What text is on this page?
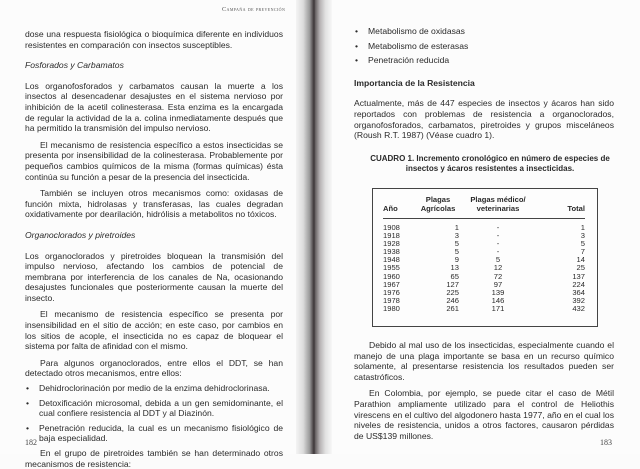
Campaña de prevención

dose una respuesta fisiológica o bioquímica diferente en individuos resistentes en comparación con insectos susceptibles.

Fosforados y Carbamatos

Los organofosforados y carbamatos causan la muerte a los insectos al desencadenar desajustes en el sistema nervioso por inhibición de la acetil colinesterasa. Esta enzima es la encargada de regular la actividad de la a. colina inmediatamente después que ha permitido la transmisión del impulso nervioso.

El mecanismo de resistencia específico a estos insecticidas se presenta por insensibilidad de la colinesterasa. Probablemente por pequeños cambios químicos de la misma (formas químicas) ésta continúa su función a pesar de la presencia del insecticida.

También se incluyen otros mecanismos como: oxidasas de función mixta, hidrolasas y transferasas, las cuales degradan oxidativamente por dearilación, hidrólisis a metabolitos no tóxicos.

Organoclorados y piretroides

Los organoclorados y piretroides bloquean la transmisión del impulso nervioso, afectando los cambios de potencial de membrana por interferencia de los canales de Na, ocasionando desajustes funcionales que posteriormente causan la muerte del insecto.

El mecanismo de resistencia específico se presenta por insensibilidad en el sitio de acción; en este caso, por cambios en los sitios de acople, el insecticida no es capaz de bloquear el sistema por falta de afinidad con el mismo.

Para algunos organoclorados, entre ellos el DDT, se han detectado otros mecanismos, entre ellos:

• Dehidroclorinación por medio de la enzima dehidroclorinasa.
• Detoxificación microsomal, debida a un gen semidominante, el cual confiere resistencia al DDT y al Diazinón.
• Penetración reducida, la cual es un mecanismo fisiológico de baja especialidad.

En el grupo de piretroides también se han determinado otros mecanismos de resistencia:

182
• Metabolismo de oxidasas
• Metabolismo de esterasas
• Penetración reducida

Importancia de la Resistencia

Actualmente, más de 447 especies de insectos y ácaros han sido reportados con problemas de resistencia a organoclorados, organofosforados, carbamatos, piretroides y grupos misceláneos (Roush R.T. 1987) (Véase cuadro 1).

CUADRO 1. Incremento cronológico en número de especies de insectos y ácaros resistentes a insecticidas.
Año	Plagas Agrícolas	Plagas médico/ veterinarias	Total
1908	1	-	1
1918	3	-	3
1928	5	-	5
1938	5	-	7
1948	9	5	14
1955	13	12	25
1960	65	72	137
1967	127	97	224
1976	225	139	364
1978	246	146	392
1980	261	171	432

Debido al mal uso de los insecticidas, especialmente cuando el manejo de una plaga importante se basa en un recurso químico solamente, al presentarse resistencia los resultados pueden ser catastróficos.

En Colombia, por ejemplo, se puede citar el caso de Métil Parathion ampliamente utilizado para el control de Heliothis virescens en el cultivo del algodonero hasta 1977, año en el cual los niveles de resistencia, unidos a otros factores, causaron pérdidas de US$139 millones.

183
